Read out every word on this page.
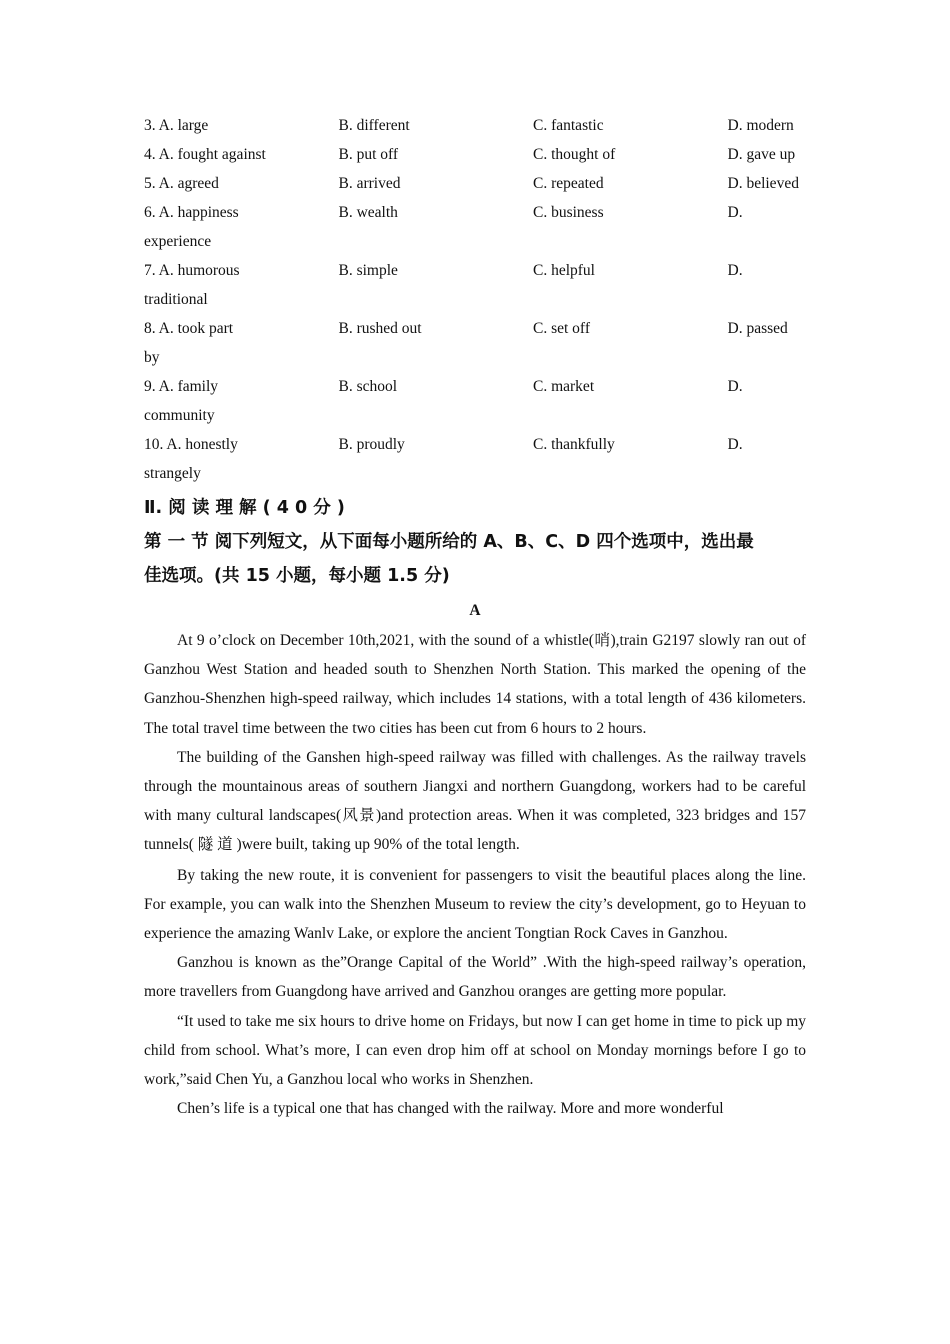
3. A. large	B. different	C. fantastic	D. modern
4. A. fought against	B. put off	C. thought of	D. gave up
5. A. agreed	B. arrived	C. repeated	D. believed
6. A. happiness	B. wealth	C. business	D.
experience
7. A. humorous	B. simple	C. helpful	D.
traditional
8. A. took part	B. rushed out	C. set off	D. passed
by
9. A. family	B. school	C. market	D.
community
10. A. honestly	B. proudly	C. thankfully	D.
strangely
Ⅱ. 阅 读 理 解 ( 4 0 分 )
第 一 节 阅下列短文，从下面每小题所给的 A、B、C、D 四个选项中，选出最
佳选项。(共 15 小题，每小题 1.5 分)
A

At 9 o’clock on December 10th,2021, with the sound of a whistle(哨),train G2197 slowly ran out of Ganzhou West Station and headed south to Shenzhen North Station. This marked the opening of the Ganzhou-Shenzhen high-speed railway, which includes 14 stations, with a total length of 436 kilometers. The total travel time between the two cities has been cut from 6 hours to 2 hours.

The building of the Ganshen high-speed railway was filled with challenges. As the railway travels through the mountainous areas of southern Jiangxi and northern Guangdong, workers had to be careful with many cultural landscapes(风景)and protection areas. When it was completed, 323 bridges and 157 tunnels( 隧 道 )were built, taking up 90% of the total length.

By taking the new route, it is convenient for passengers to visit the beautiful places along the line. For example, you can walk into the Shenzhen Museum to review the city’s development, go to Heyuan to experience the amazing Wanlv Lake, or explore the ancient Tongtian Rock Caves in Ganzhou.

Ganzhou is known as the”Orange Capital of the World” .With the high-speed railway’s operation, more travellers from Guangdong have arrived and Ganzhou oranges are getting more popular.

“It used to take me six hours to drive home on Fridays, but now I can get home in time to pick up my child from school. What’s more, I can even drop him off at school on Monday mornings before I go to work,”said Chen Yu, a Ganzhou local who works in Shenzhen.

Chen’s life is a typical one that has changed with the railway. More and more wonderful
